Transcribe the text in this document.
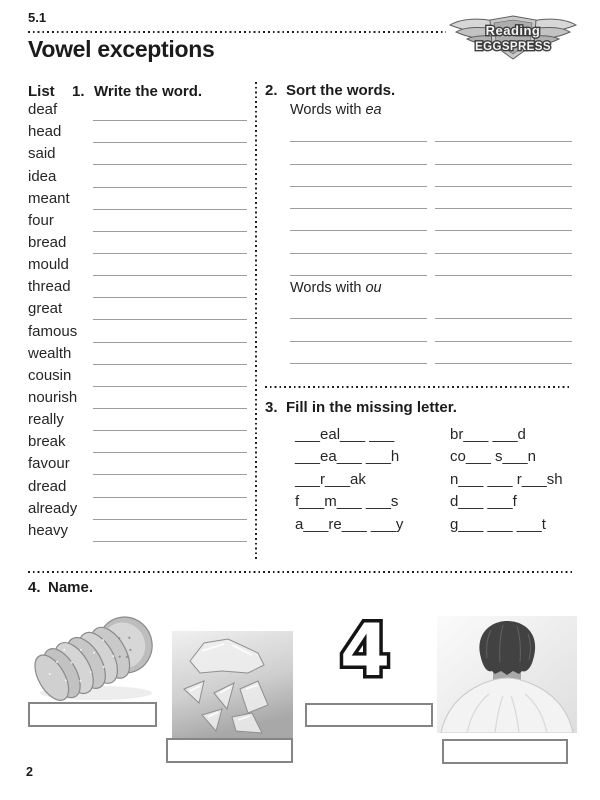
5.1
Reading
EGGSPRESS
Vowel exceptions
List	1. Write the word.
deaf
head
said
idea
meant
four
bread
mould
thread
great
famous
wealth
cousin
nourish
really
break
favour
dread
already
heavy
2. Sort the words.
Words with ea
Words with ou
3. Fill in the missing letter.
___eal___ ___
___ea___ ___h
___r___ak
f___m___ ___s
a___re___ ___y
br___ ___d
co___ s___n
n___ ___ r___sh
d___ ___f
g___ ___ ___t
4. Name.
4
2
